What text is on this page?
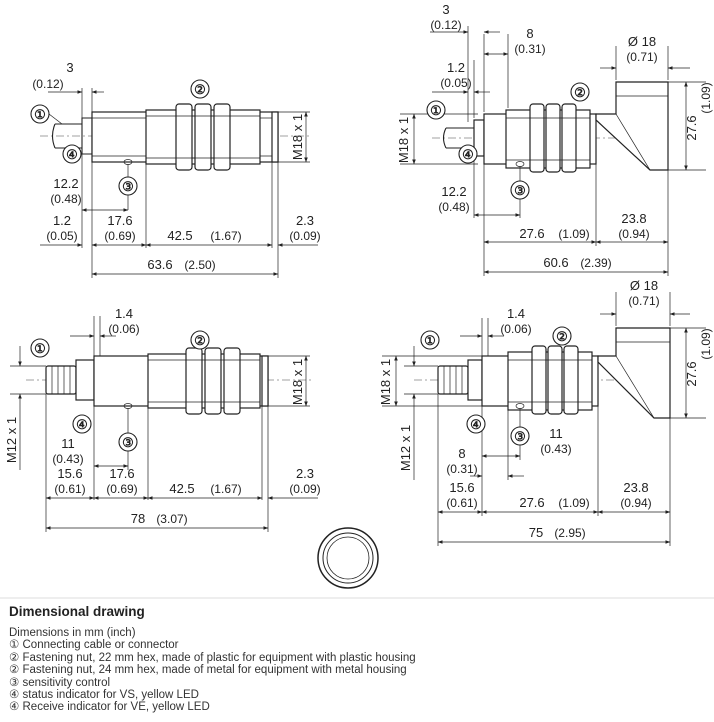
3
(0.12)
M18 x 1
12.2
(0.48)
1.2
(0.05)
17.6
(0.69) 42.5 (1.67)
2.3
(0.09)
63.6 (2.50)
①
②
③
④
3
(0.12)
8
(0.31)
1.2
(0.05)
Ø 18
(0.71)
27.6
(1.09)
M18 x 1
12.2
(0.48)
27.6 (1.09)
23.8
(0.94)
60.6 (2.39)
①
②
③
④
1.4
(0.06)
M18 x 1
M12 x 1	11
(0.43)
15.6
(0.61)
17.6
(0.69) 42.5 (1.67)
2.3
(0.09)
78 (3.07)
①
②
③
④
1.4
(0.06)
Ø 18
(0.71)
27.6
(1.09)
M18 x 1
M12 x 1	11
(0.43)
8
(0.31)
15.6
(0.61)	27.6 (1.09)
23.8
(0.94)
75 (2.95)
①	②
③
④
Dimensional drawing
Dimensions in mm (inch)
① Connecting cable or connector
② Fastening nut, 22 mm hex, made of plastic for equipment with plastic housing
② Fastening nut, 24 mm hex, made of metal for equipment with metal housing
③ sensitivity control
④ status indicator for VS, yellow LED
④ Receive indicator for VE, yellow LED
